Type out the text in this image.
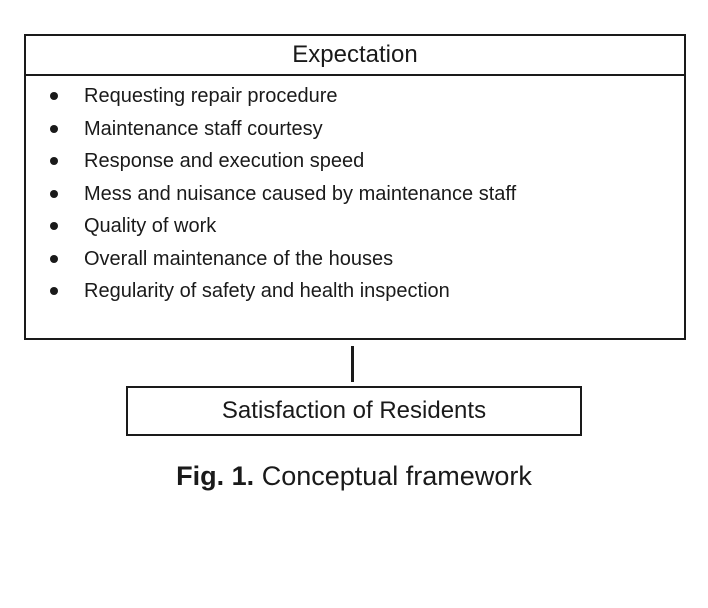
Expectation
Requesting repair procedure
Maintenance staff courtesy
Response and execution speed
Mess and nuisance caused by maintenance staff
Quality of work
Overall maintenance of the houses
Regularity of safety and health inspection
Satisfaction of Residents
Fig. 1. Conceptual framework
